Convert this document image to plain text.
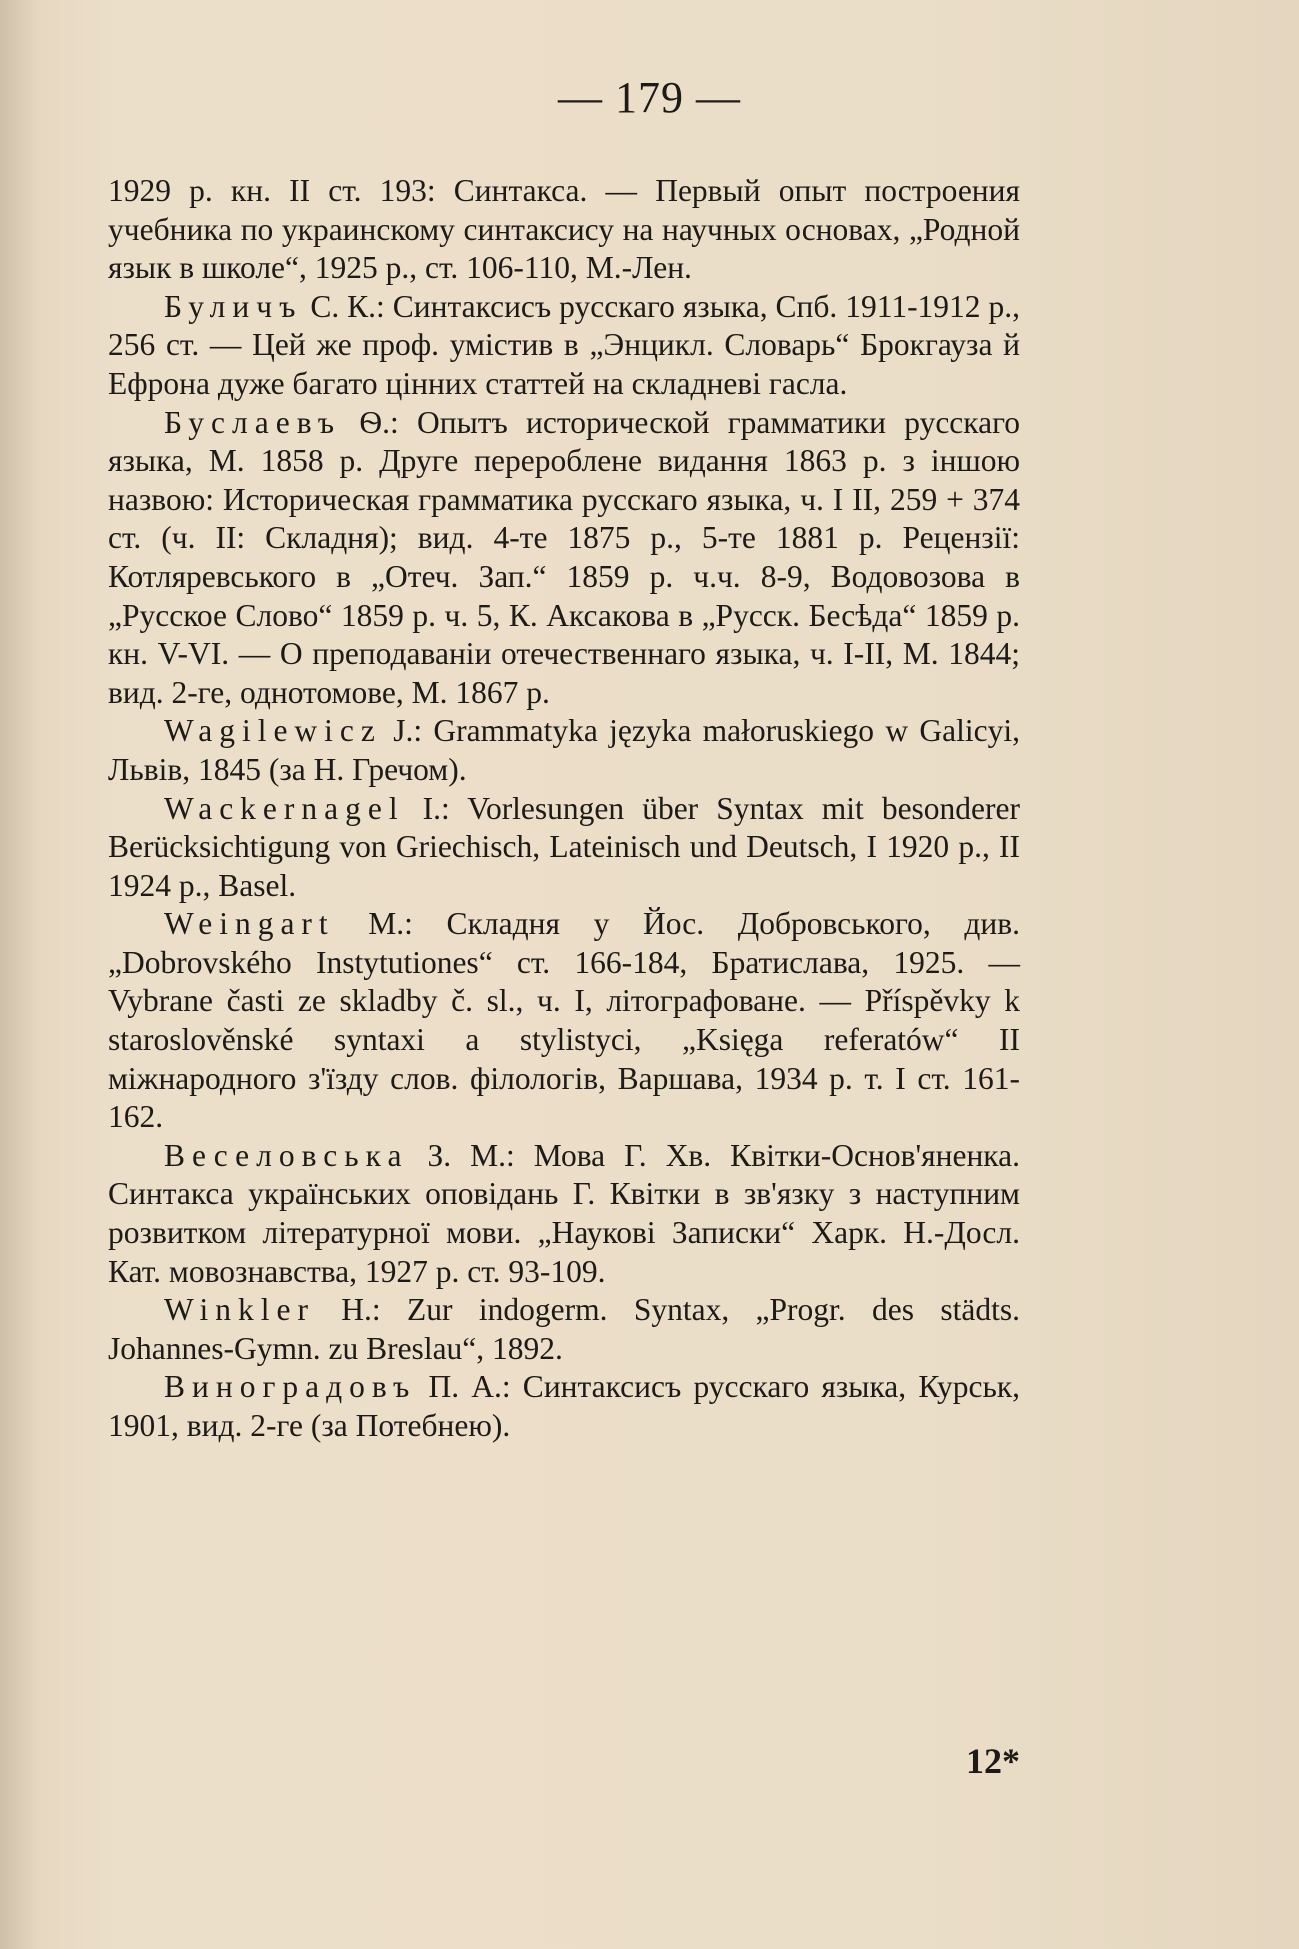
— 179 —

1929 р. кн. II ст. 193: Синтакса. — Первый опыт построения учебника по украинскому синтаксису на научных основах, „Родной язык в школе“, 1925 р., ст. 106-110, М.-Лен.

Буличъ С. К.: Синтаксисъ русскаго языка, Спб. 1911-1912 р., 256 ст. — Цей же проф. умістив в „Энцикл. Словарь“ Брокгауза й Ефрона дуже багато цінних статтей на складневі гасла.

Буслаевъ Ѳ.: Опытъ исторической грамматики русскаго языка, М. 1858 р. Друге перероблене видання 1863 р. з іншою назвою: Историческая грамматика русскаго языка, ч. I II, 259 + 374 ст. (ч. II: Складня); вид. 4-те 1875 р., 5-те 1881 р. Рецензії: Котляревського в „Отеч. Зап.“ 1859 р. ч.ч. 8-9, Водовозова в „Русское Слово“ 1859 р. ч. 5, К. Аксакова в „Русск. Бесѣда“ 1859 р. кн. V-VI. — О преподаваніи отечественнаго языка, ч. I-II, М. 1844; вид. 2-ге, однотомове, М. 1867 р.

Wagilewicz J.: Grammatyka języka małoruskiego w Galicyi, Львів, 1845 (за Н. Гречом).

Wackernagel I.: Vorlesungen über Syntax mit besonderer Berücksichtigung von Griechisch, Lateinisch und Deutsch, I 1920 р., II 1924 р., Basel.

Weingart M.: Складня у Йос. Добровського, див. „Dobrovského Instytutiones“ ст. 166-184, Братислава, 1925. — Vybrane časti ze skladby č. sl., ч. I, літографоване. — Příspěvky k staroslověnské syntaxi a stylistyci, „Księga referatów“ II міжнародного з'їзду слов. філологів, Варшава, 1934 р. т. I ст. 161-162.

Веселовська З. М.: Мова Г. Хв. Квітки-Основ'яненка. Синтакса українських оповідань Г. Квітки в зв'язку з наступним розвитком літературної мови. „Наукові Записки“ Харк. Н.-Досл. Кат. мовознавства, 1927 р. ст. 93-109.

Winkler H.: Zur indogerm. Syntax, „Progr. des städts. Johannes-Gymn. zu Breslau“, 1892.

Виноградовъ П. А.: Синтаксисъ русскаго языка, Курськ, 1901, вид. 2-ге (за Потебнею).

12*
